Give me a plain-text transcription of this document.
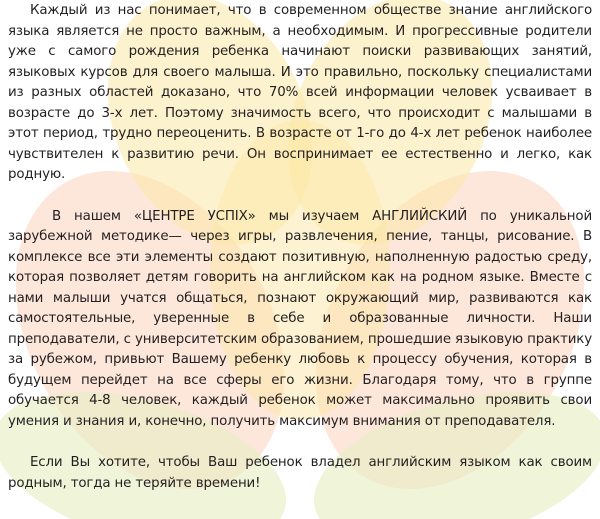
Каждый из нас понимает, что в современном обществе знание английского языка является не просто важным, а необходимым. И прогрессивные родители уже с самого рождения ребенка начинают поиски развивающих занятий, языковых курсов для своего малыша. И это правильно, поскольку специалистами из разных областей доказано, что 70% всей информации человек усваивает в возрасте до 3-х лет. Поэтому значимость всего, что происходит с малышами в этот период, трудно переоценить. В возрасте от 1-го до 4-х лет ребенок наиболее чувствителен к развитию речи. Он воспринимает ее естественно и легко, как родную.

В нашем «ЦЕНТРЕ УСПІХ» мы изучаем АНГЛИЙСКИЙ по уникальной зарубежной методике— через игры, развлечения, пение, танцы, рисование. В комплексе все эти элементы создают позитивную, наполненную радостью среду, которая позволяет детям говорить на английском как на родном языке. Вместе с нами малыши учатся общаться, познают окружающий мир, развиваются как самостоятельные, уверенные в себе и образованные личности. Наши преподаватели, с университетским образованием, прошедшие языковую практику за рубежом, привьют Вашему ребенку любовь к процессу обучения, которая в будущем перейдет на все сферы его жизни. Благодаря тому, что в группе обучается 4-8 человек, каждый ребенок может максимально проявить свои умения и знания и, конечно, получить максимум внимания от преподавателя.

Если Вы хотите, чтобы Ваш ребенок владел английским языком как своим родным, тогда не теряйте времени!
